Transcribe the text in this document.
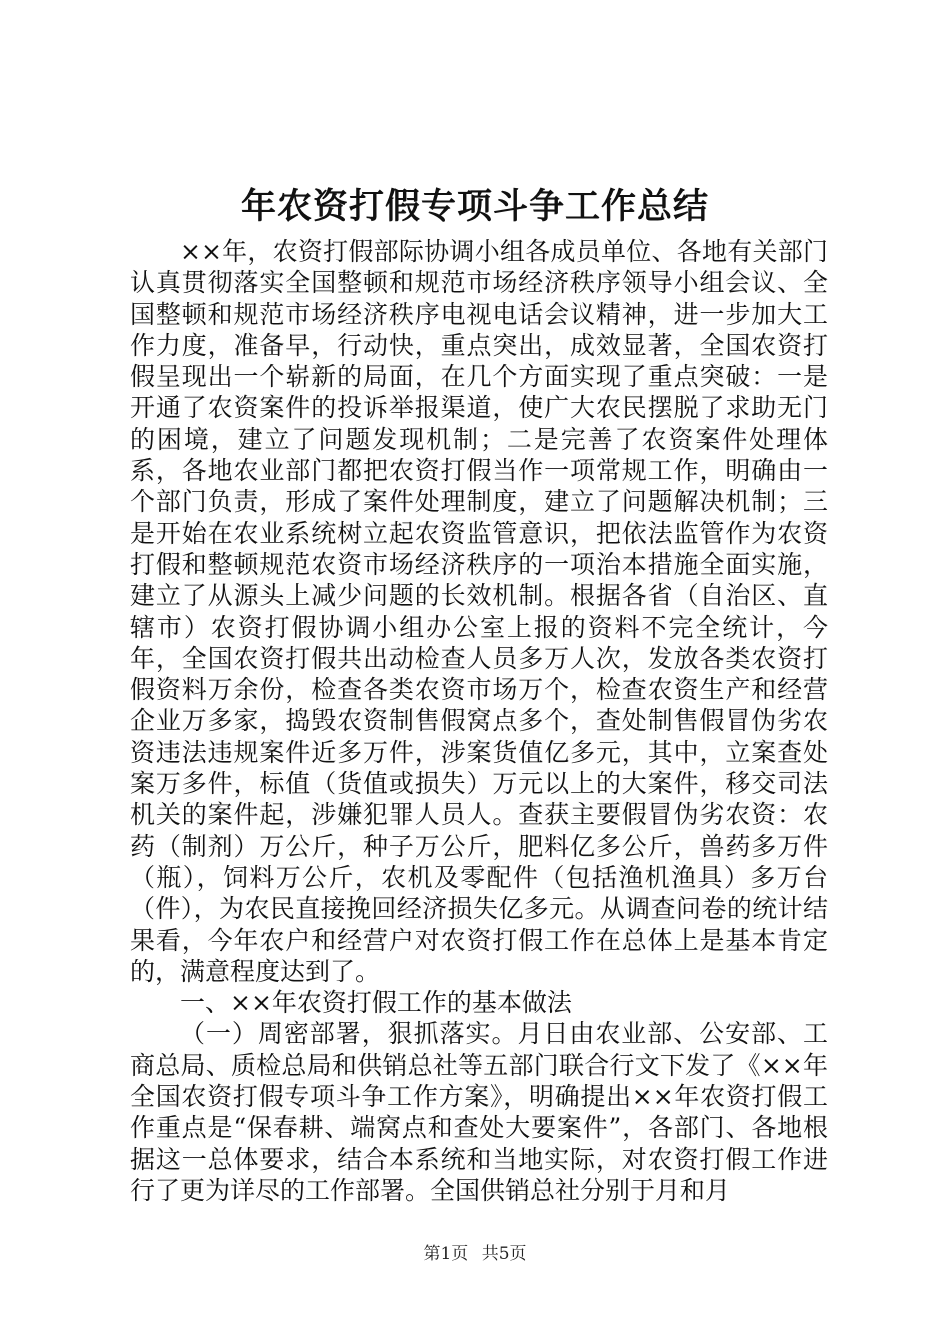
年农资打假专项斗争工作总结

××年，农资打假部际协调小组各成员单位、各地有关部门认真贯彻落实全国整顿和规范市场经济秩序领导小组会议、全国整顿和规范市场经济秩序电视电话会议精神，进一步加大工作力度，准备早，行动快，重点突出，成效显著，全国农资打假呈现出一个崭新的局面，在几个方面实现了重点突破：一是开通了农资案件的投诉举报渠道，使广大农民摆脱了求助无门的困境，建立了问题发现机制；二是完善了农资案件处理体系，各地农业部门都把农资打假当作一项常规工作，明确由一个部门负责，形成了案件处理制度，建立了问题解决机制；三是开始在农业系统树立起农资监管意识，把依法监管作为农资打假和整顿规范农资市场经济秩序的一项治本措施全面实施，建立了从源头上减少问题的长效机制。根据各省（自治区、直辖市）农资打假协调小组办公室上报的资料不完全统计，今年，全国农资打假共出动检查人员多万人次，发放各类农资打假资料万余份，检查各类农资市场万个，检查农资生产和经营企业万多家，捣毁农资制售假窝点多个，查处制售假冒伪劣农资违法违规案件近多万件，涉案货值亿多元，其中，立案查处案万多件，标值（货值或损失）万元以上的大案件，移交司法机关的案件起，涉嫌犯罪人员人。查获主要假冒伪劣农资：农药（制剂）万公斤，种子万公斤，肥料亿多公斤，兽药多万件（瓶），饲料万公斤，农机及零配件（包括渔机渔具）多万台（件），为农民直接挽回经济损失亿多元。从调查问卷的统计结果看，今年农户和经营户对农资打假工作在总体上是基本肯定的，满意程度达到了。

一、××年农资打假工作的基本做法

（一）周密部署，狠抓落实。月日由农业部、公安部、工商总局、质检总局和供销总社等五部门联合行文下发了《××年全国农资打假专项斗争工作方案》，明确提出××年农资打假工作重点是“保春耕、端窝点和查处大要案件”，各部门、各地根据这一总体要求，结合本系统和当地实际，对农资打假工作进行了更为详尽的工作部署。全国供销总社分别于月和月

第1页 共5页
